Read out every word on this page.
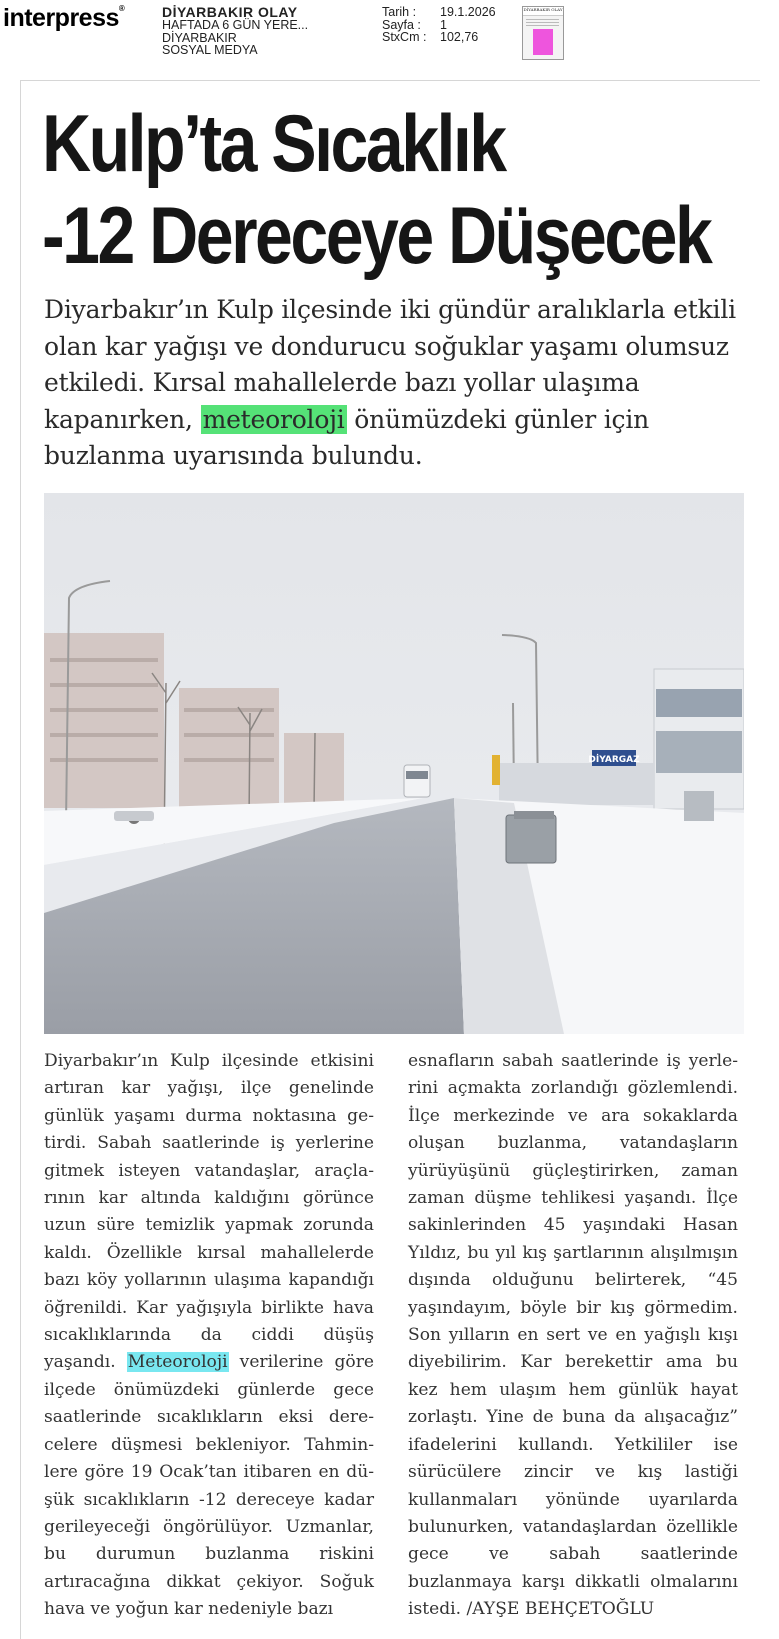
interpress®	DİYARBAKIR OLAY
HAFTADA 6 GÜN YERE...
DİYARBAKIR
SOSYAL MEDYA
Tarih :	19.1.2026
Sayfa :	1
StxCm :	102,76
DİYARBAKIR OLAY
Kulp’ta Sıcaklık
-12 Dereceye Düşecek

Diyarbakır’ın Kulp ilçesinde iki gündür aralıklarla etkili olan kar yağışı ve dondurucu soğuklar yaşamı olumsuz etkiledi. Kırsal mahallelerde bazı yollar ulaşıma kapanırken, meteoroloji önümüzdeki günler için buzlanma uyarısında bulundu.

DİYARGAZ

Diyarbakır’ın Kulp ilçesinde etkisini artıran kar yağışı, ilçe genelinde günlük yaşamı durma noktasına getirdi. Sabah saatlerinde iş yerlerine gitmek isteyen vatandaşlar, araçlarının kar altında kaldığını görünce uzun süre temizlik yapmak zorunda kaldı. Özellikle kırsal mahallelerde bazı köy yollarının ulaşıma kapandığı öğrenildi. Kar yağışıyla birlikte hava sıcaklıklarında da ciddi düşüş yaşandı. Meteoroloji verilerine göre ilçede önümüzdeki günlerde gece saatlerinde sıcaklıkların eksi derecelere düşmesi bekleniyor. Tahminlere göre 19 Ocak’tan itibaren en düşük sıcaklıkların -12 dereceye kadar gerileyeceği öngörülüyor. Uzmanlar, bu durumun buzlanma riskini artıracağına dikkat çekiyor. Soğuk hava ve yoğun kar nedeniyle bazı

esnafların sabah saatlerinde iş yerlerini açmakta zorlandığı gözlemlendi. İlçe merkezinde ve ara sokaklarda oluşan buzlanma, vatandaşların yürüyüşünü güçleştirirken, zaman zaman düşme tehlikesi yaşandı. İlçe sakinlerinden 45 yaşındaki Hasan Yıldız, bu yıl kış şartlarının alışılmışın dışında olduğunu belirterek, “45 yaşındayım, böyle bir kış görmedim. Son yılların en sert ve en yağışlı kışı diyebilirim. Kar berekettir ama bu kez hem ulaşım hem günlük hayat zorlaştı. Yine de buna da alışacağız” ifadelerini kullandı. Yetkililer ise sürücülere zincir ve kış lastiği kullanmaları yönünde uyarılarda bulunurken, vatandaşlardan özellikle gece ve sabah saatlerinde buzlanmaya karşı dikkatli olmalarını istedi. /AYŞE BEHÇETOĞLU
